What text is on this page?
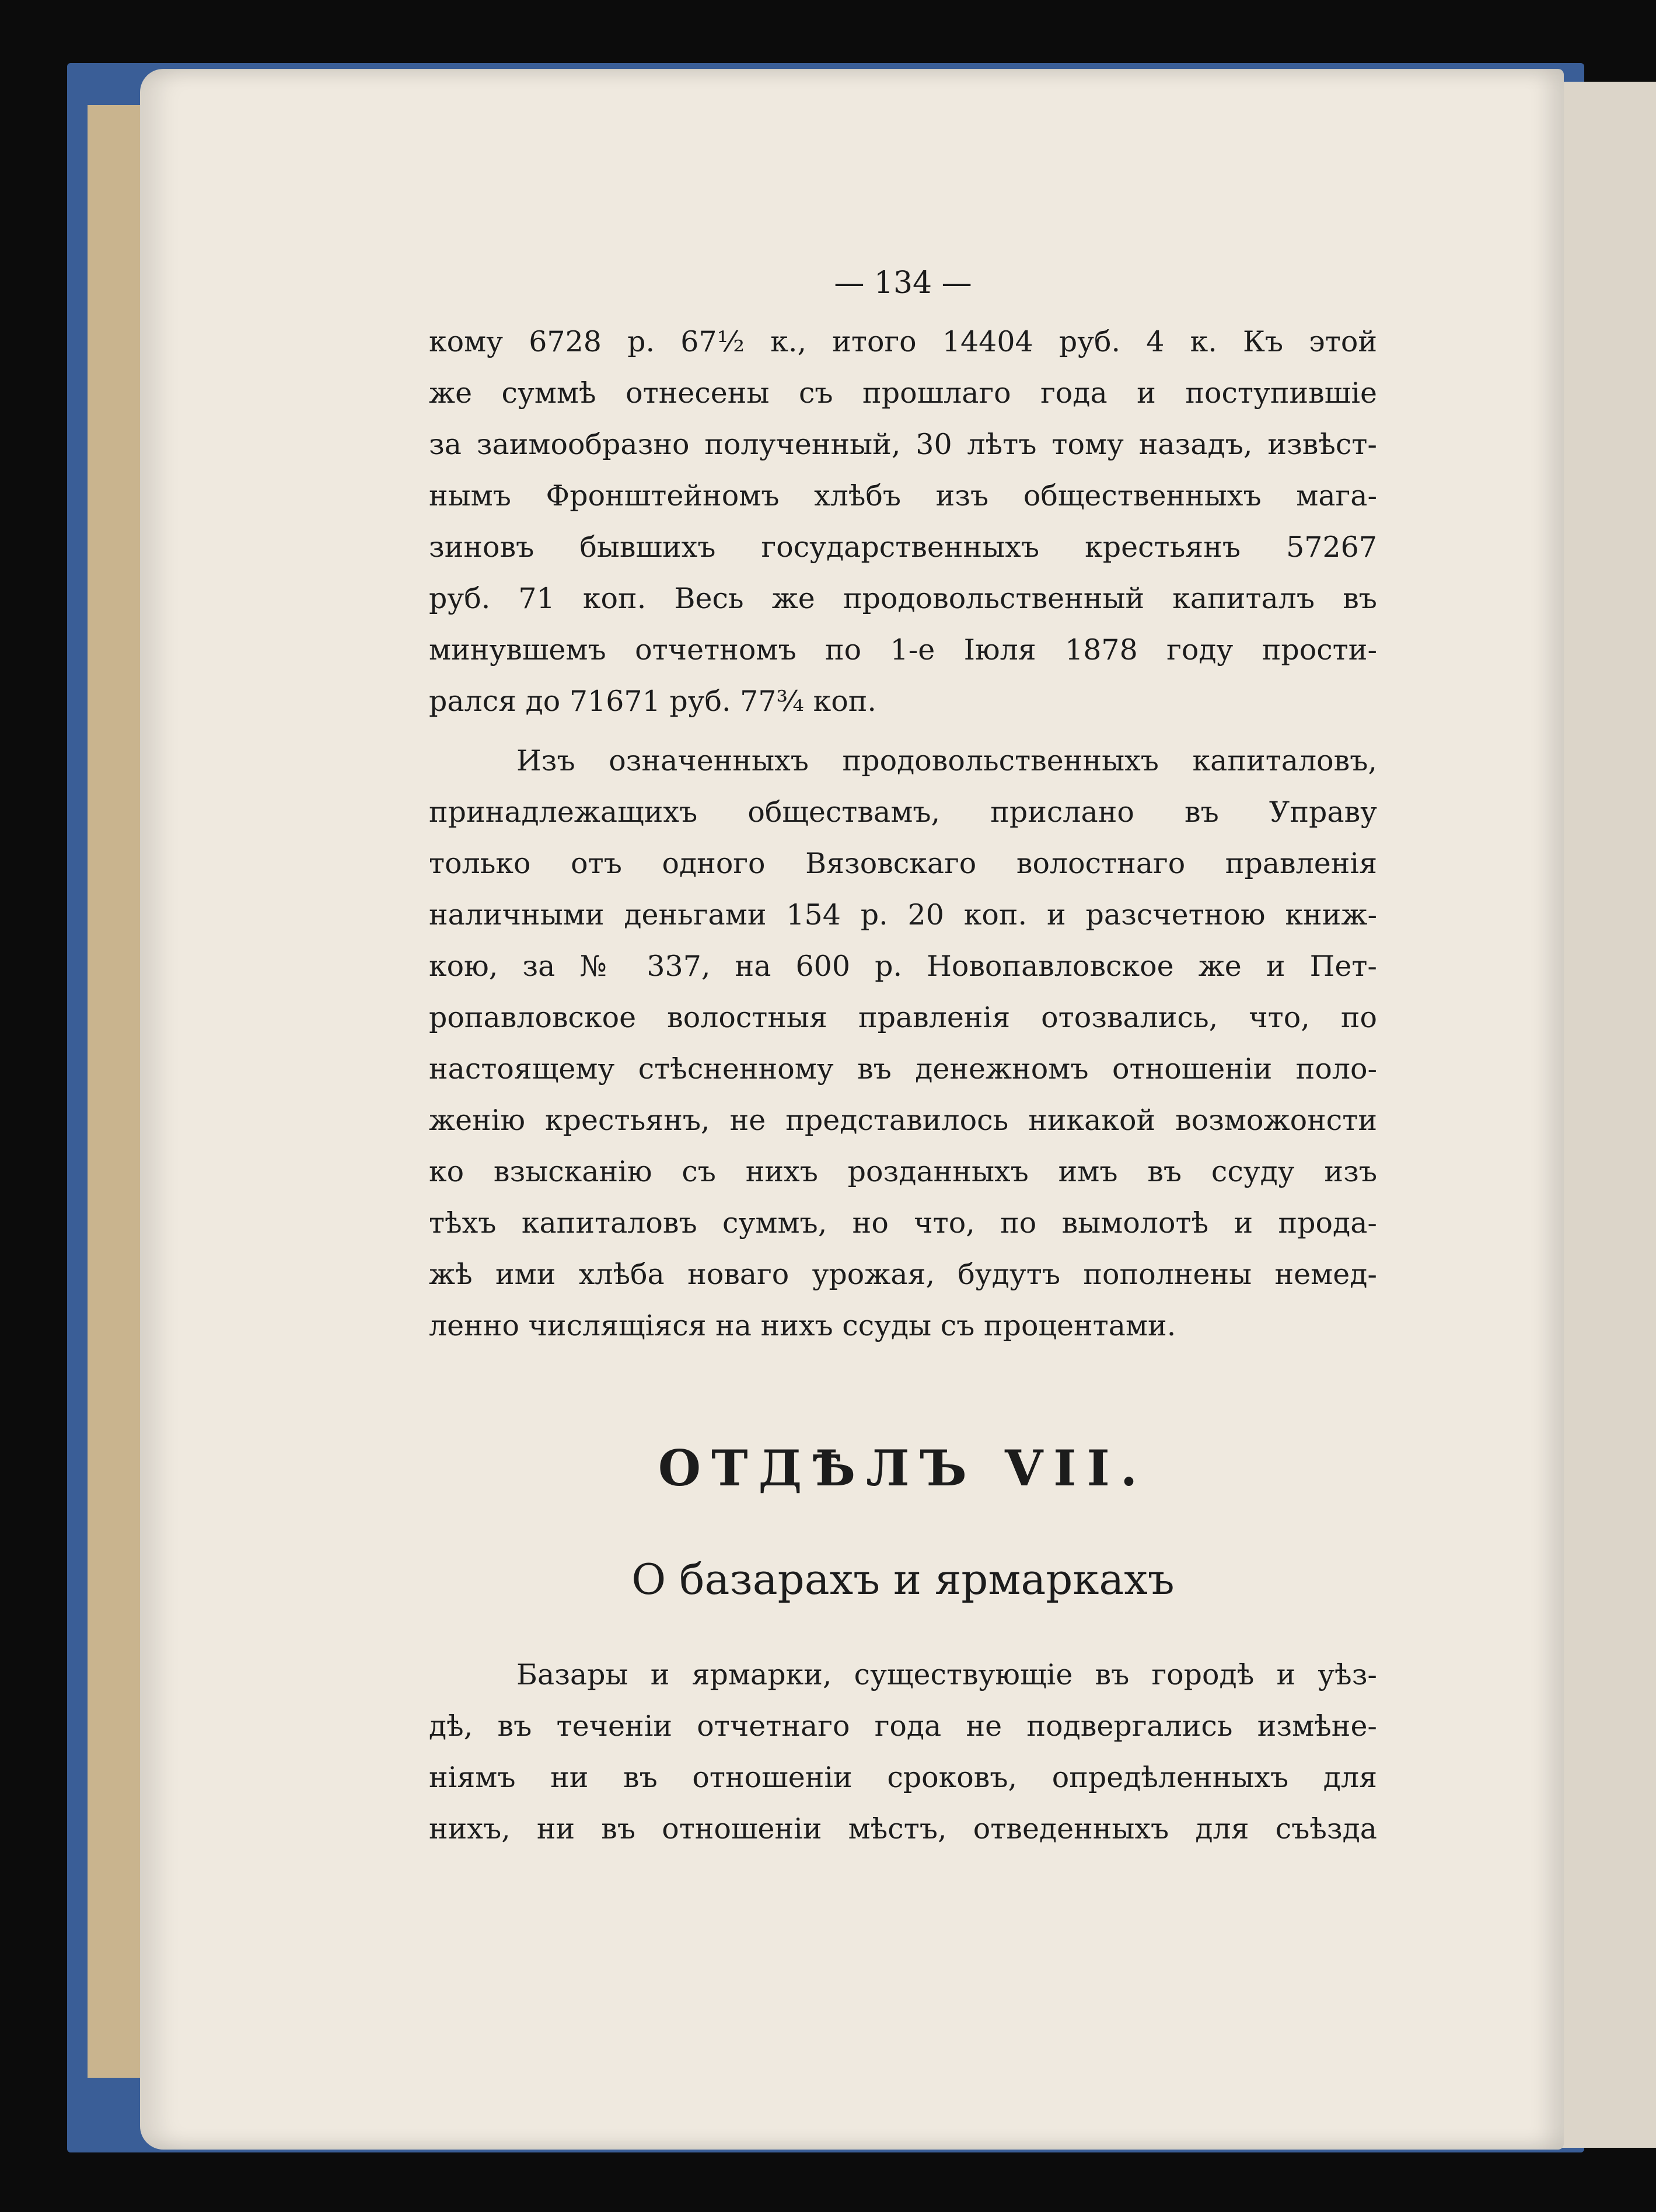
— 134 —
кому 6728 р. 67½ к., итого 14404 руб. 4 к. Къ этой
же суммѣ отнесены съ прошлаго года и поступившіе
за заимообразно полученный, 30 лѣтъ тому назадъ, извѣст-
нымъ Фронштейномъ хлѣбъ изъ общественныхъ мага-
зиновъ бывшихъ государственныхъ крестьянъ 57267
руб. 71 коп. Весь же продовольственный капиталъ въ
минувшемъ отчетномъ по 1-е Іюля 1878 году прости-
рался до 71671 руб. 77¾ коп.
Изъ означенныхъ продовольственныхъ капиталовъ,
принадлежащихъ обществамъ, прислано въ Управу
только отъ одного Вязовскаго волостнаго правленія
наличными деньгами 154 р. 20 коп. и разсчетною книж-
кою, за № 337, на 600 р. Новопавловское же и Пет-
ропавловское волостныя правленія отозвались, что, по
настоящему стѣсненному въ денежномъ отношеніи поло-
женію крестьянъ, не представилось никакой возможонсти
ко взысканію съ нихъ розданныхъ имъ въ ссуду изъ
тѣхъ капиталовъ суммъ, но что, по вымолотѣ и прода-
жѣ ими хлѣба новаго урожая, будутъ пополнены немед-
ленно числящіяся на нихъ ссуды съ процентами.
ОТДѢЛЪ VII.
О базарахъ и ярмаркахъ
Базары и ярмарки, существующіе въ городѣ и уѣз-
дѣ, въ теченіи отчетнаго года не подвергались измѣне-
ніямъ ни въ отношеніи сроковъ, опредѣленныхъ для
нихъ, ни въ отношеніи мѣстъ, отведенныхъ для съѣзда
